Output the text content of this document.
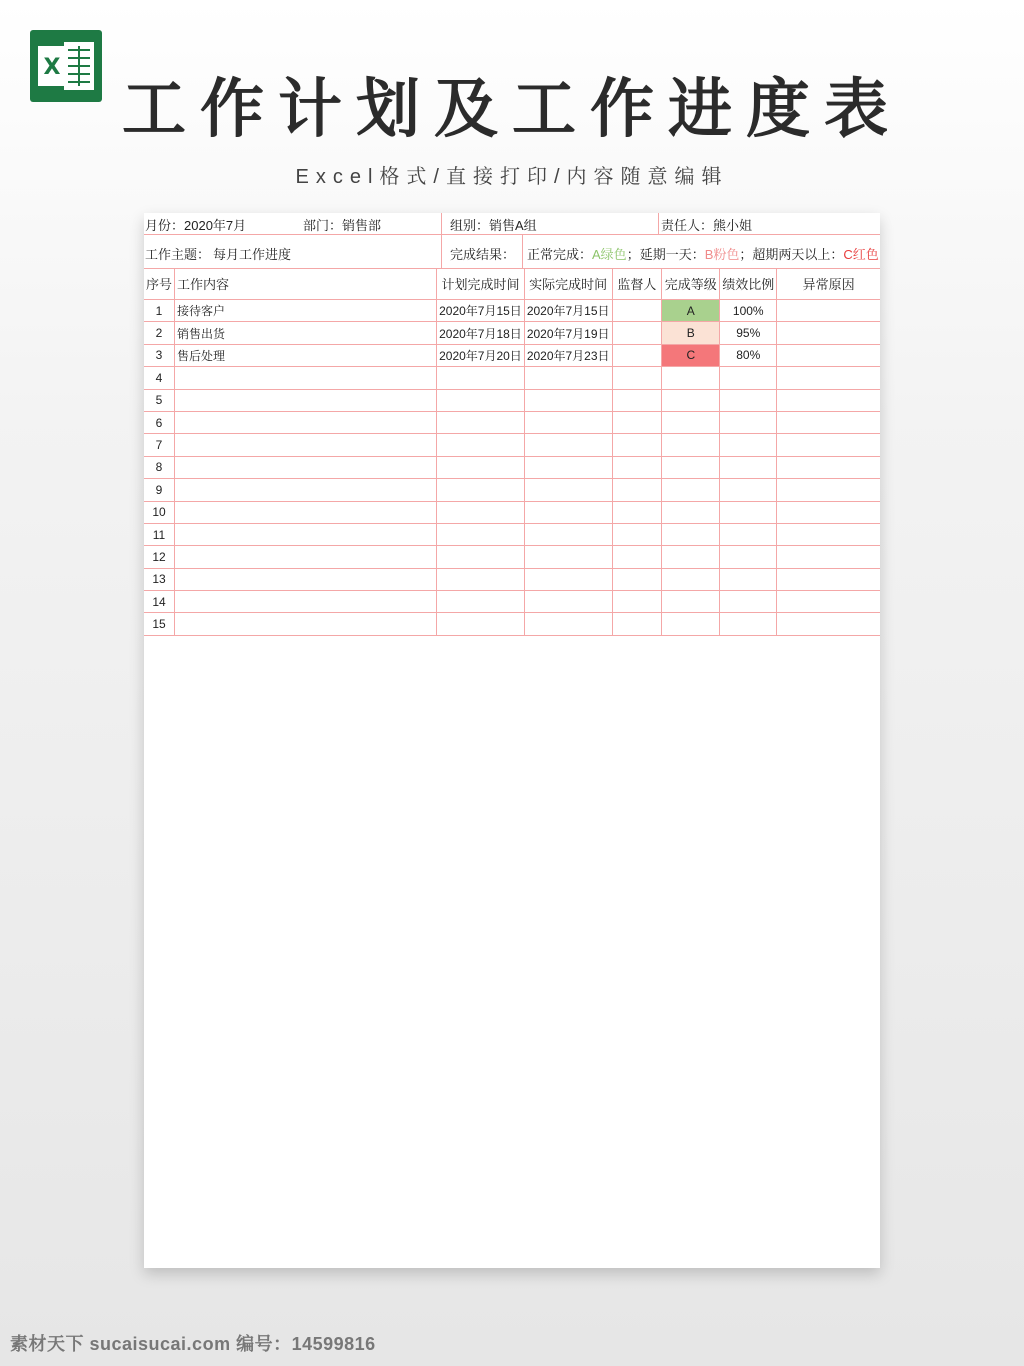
X
工作计划及工作进度表
Excel格式/直接打印/内容随意编辑
月份：2020年7月	部门：销售部	组别：销售A组	责任人：熊小姐
工作主题： 每月工作进度	完成结果： 正常完成：A绿色；延期一天：B粉色；超期两天以上：C红色
序号	工作内容	计划完成时间	实际完成时间	监督人	完成等级	绩效比例	异常原因
1	接待客户	2020年7月15日	2020年7月15日		A	100%	
2	销售出货	2020年7月18日	2020年7月19日		B	95%	
3	售后处理	2020年7月20日	2020年7月23日		C	80%	
4							
5							
6							
7							
8							
9							
10							
11							
12							
13							
14							
15							
素材天下 sucaisucai.com 编号：14599816
